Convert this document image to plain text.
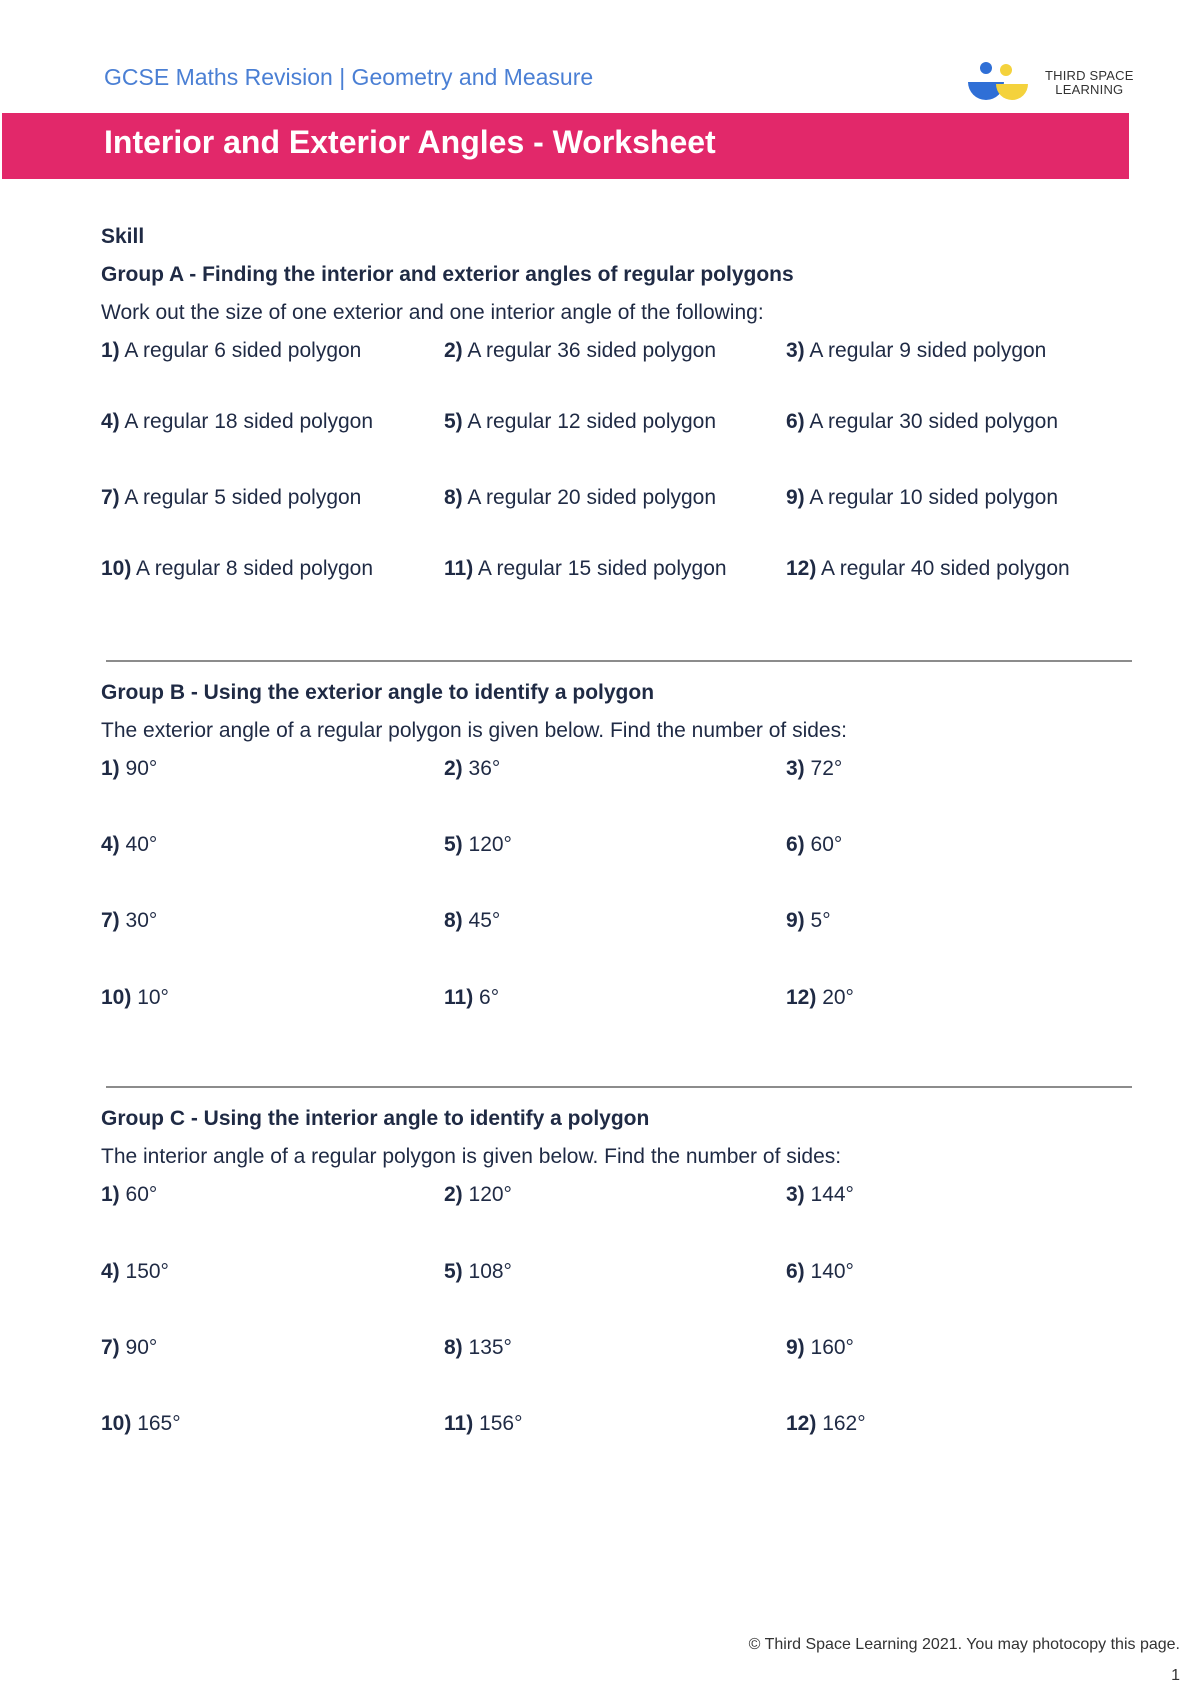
GCSE Maths Revision | Geometry and Measure	THIRD SPACE
LEARNING
Interior and Exterior Angles - Worksheet
Skill
Group A - Finding the interior and exterior angles of regular polygons
Work out the size of one exterior and one interior angle of the following:
1) A regular 6 sided polygon	2) A regular 36 sided polygon	3) A regular 9 sided polygon
4) A regular 18 sided polygon	5) A regular 12 sided polygon	6) A regular 30 sided polygon
7) A regular 5 sided polygon	8) A regular 20 sided polygon	9) A regular 10 sided polygon
10) A regular 8 sided polygon	11) A regular 15 sided polygon	12) A regular 40 sided polygon
Group B - Using the exterior angle to identify a polygon
The exterior angle of a regular polygon is given below. Find the number of sides:
1) 90°	2) 36°	3) 72°
4) 40°	5) 120°	6) 60°
7) 30°	8) 45°	9) 5°
10) 10°	11) 6°	12) 20°
Group C - Using the interior angle to identify a polygon
The interior angle of a regular polygon is given below. Find the number of sides:
1) 60°	2) 120°	3) 144°
4) 150°	5) 108°	6) 140°
7) 90°	8) 135°	9) 160°
10) 165°	11) 156°	12) 162°
© Third Space Learning 2021. You may photocopy this page.
1
